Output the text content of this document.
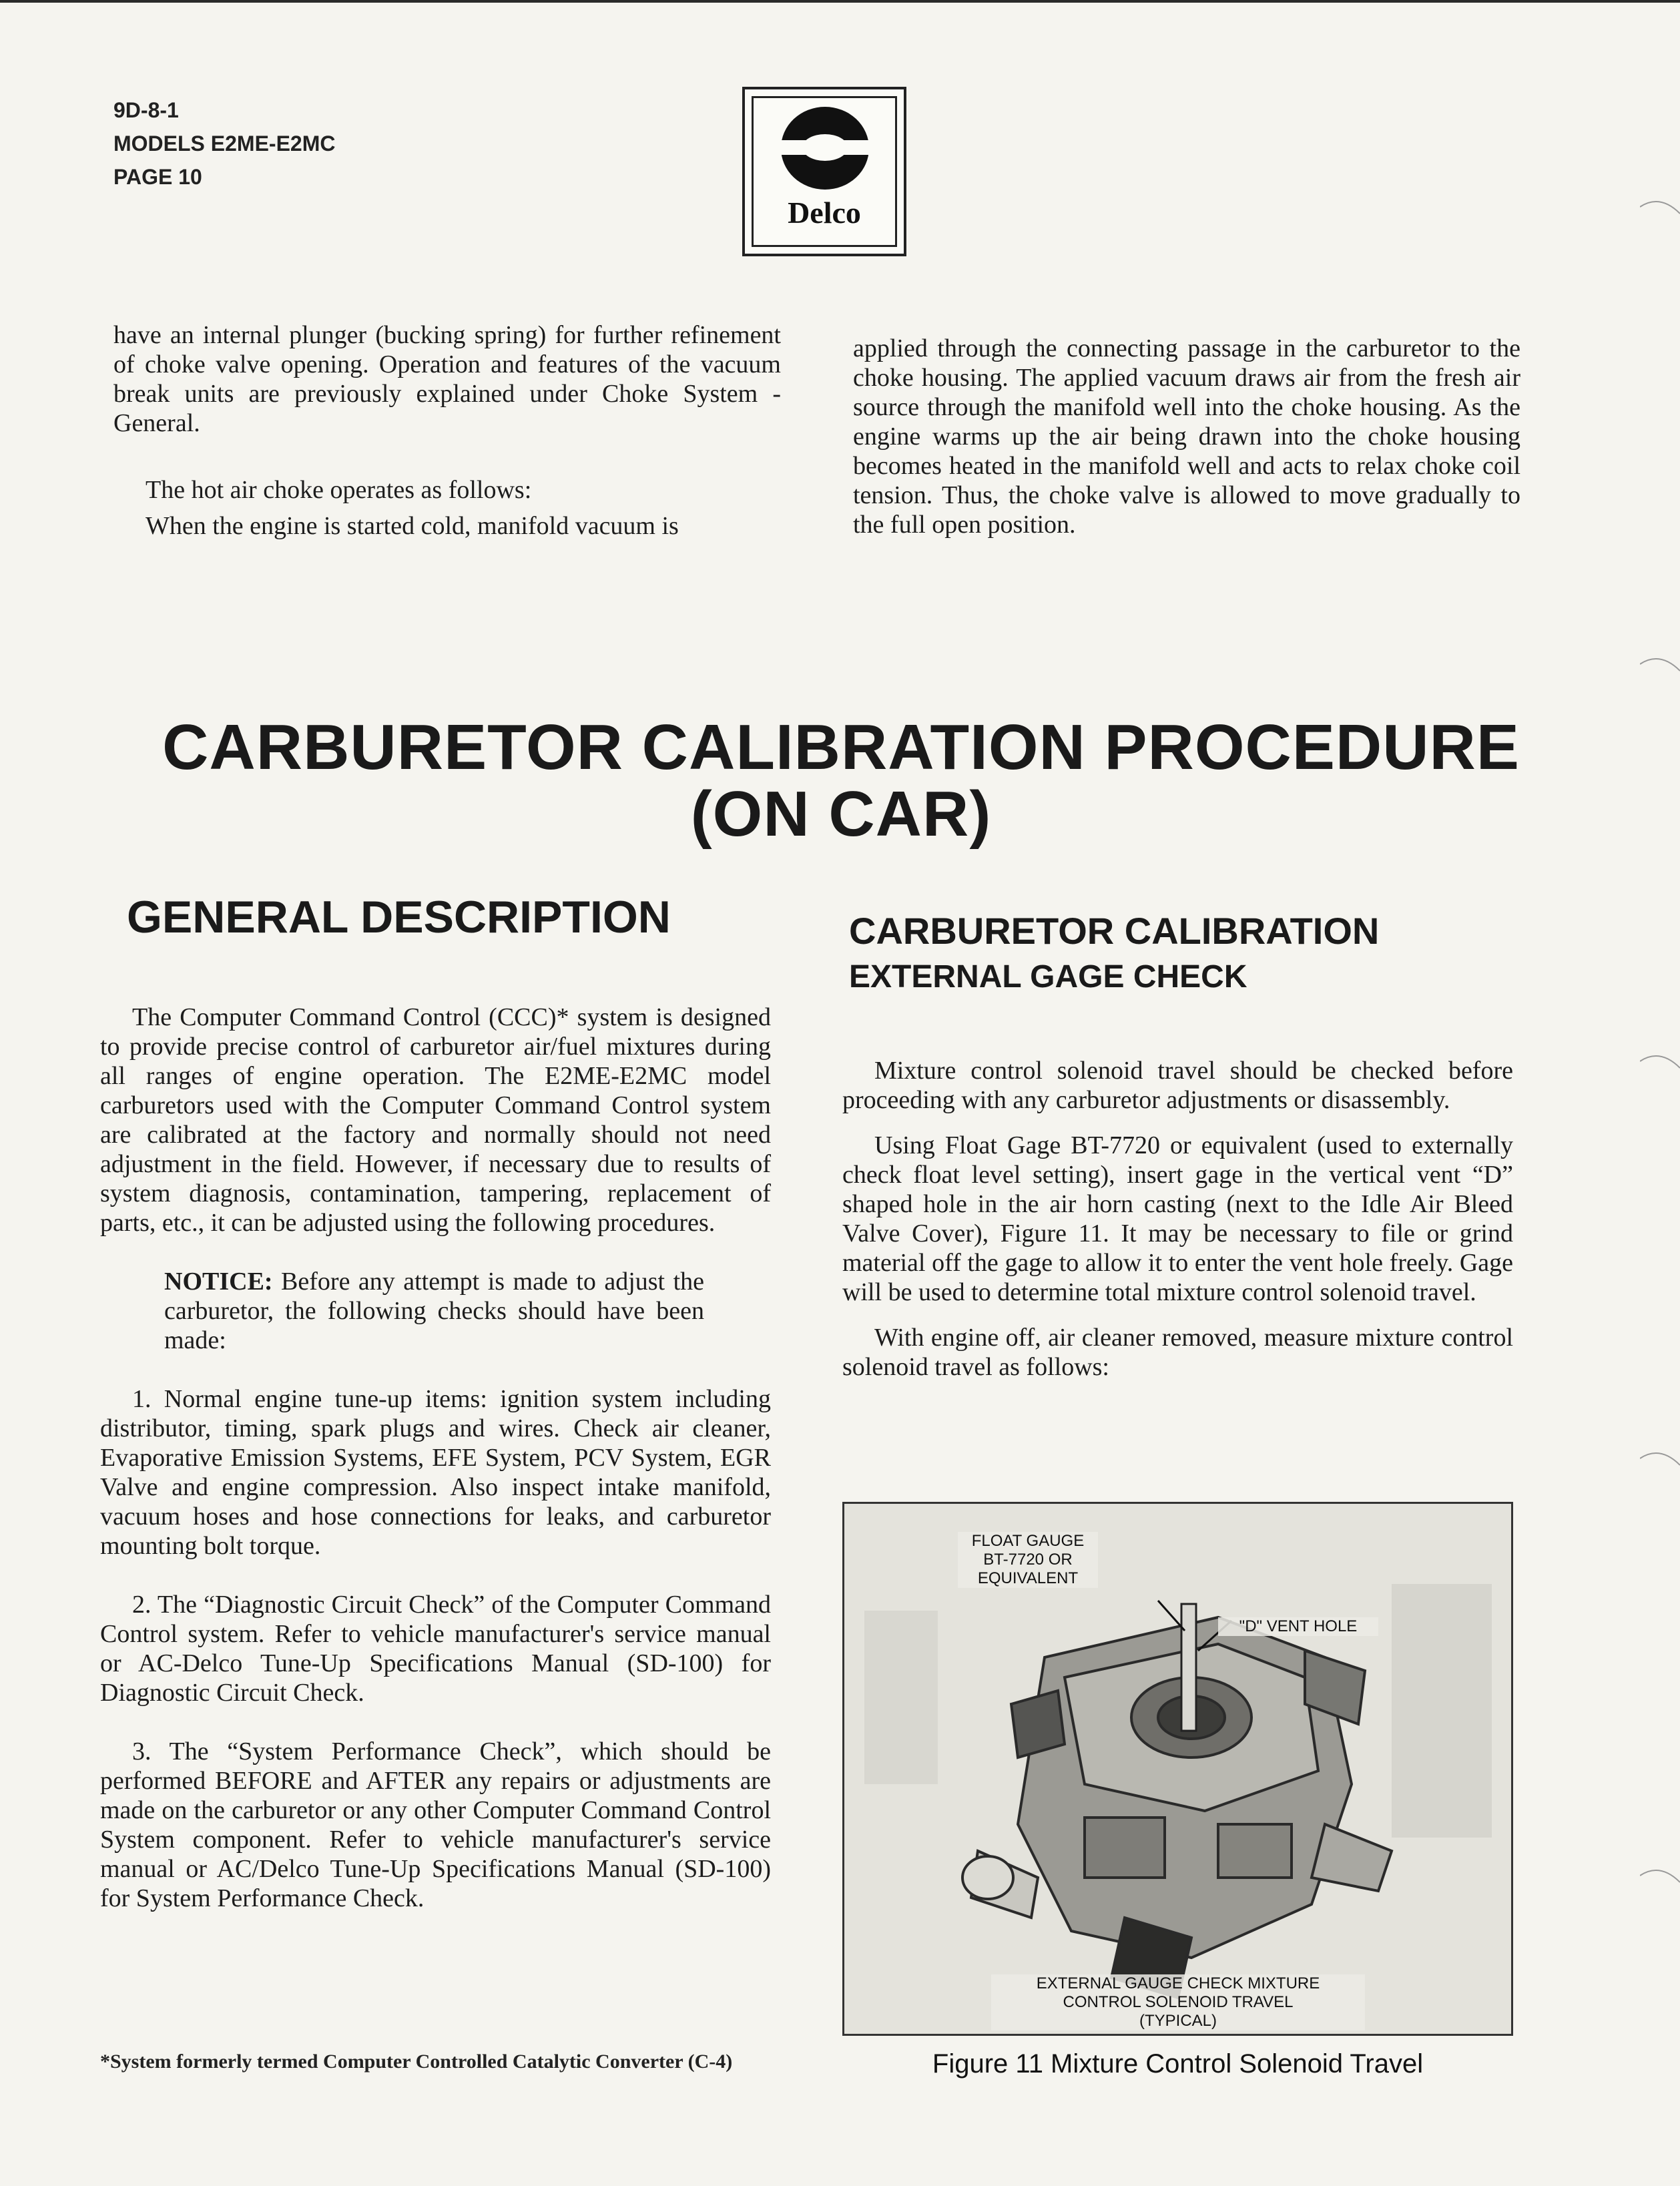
9D-8-1
MODELS E2ME-E2MC
PAGE 10
Delco

have an internal plunger (bucking spring) for further refinement of choke valve opening. Operation and features of the vacuum break units are previously explained under Choke System - General.

The hot air choke operates as follows:

When the engine is started cold, manifold vacuum is

applied through the connecting passage in the carburetor to the choke housing. The applied vacuum draws air from the fresh air source through the manifold well into the choke housing. As the engine warms up the air being drawn into the choke housing becomes heated in the manifold well and acts to relax choke coil tension. Thus, the choke valve is allowed to move gradually to the full open position.

CARBURETOR CALIBRATION PROCEDURE
(ON CAR)
GENERAL DESCRIPTION	CARBURETOR CALIBRATION
EXTERNAL GAGE CHECK

The Computer Command Control (CCC)* system is designed to provide precise control of carburetor air/fuel mixtures during all ranges of engine operation. The E2ME-E2MC model carburetors used with the Computer Command Control system are calibrated at the factory and normally should not need adjustment in the field. However, if necessary due to results of system diagnosis, contamination, tampering, replacement of parts, etc., it can be adjusted using the following procedures.

NOTICE: Before any attempt is made to adjust the carburetor, the following checks should have been made:

1. Normal engine tune-up items: ignition system including distributor, timing, spark plugs and wires. Check air cleaner, Evaporative Emission Systems, EFE System, PCV System, EGR Valve and engine compression. Also inspect intake manifold, vacuum hoses and hose connections for leaks, and carburetor mounting bolt torque.

2. The “Diagnostic Circuit Check” of the Computer Command Control system. Refer to vehicle manufacturer's service manual or AC-Delco Tune-Up Specifications Manual (SD-100) for Diagnostic Circuit Check.

3. The “System Performance Check”, which should be performed BEFORE and AFTER any repairs or adjustments are made on the carburetor or any other Computer Command Control System component. Refer to vehicle manufacturer's service manual or AC/Delco Tune-Up Specifications Manual (SD-100) for System Performance Check.

Mixture control solenoid travel should be checked before proceeding with any carburetor adjustments or disassembly.

Using Float Gage BT-7720 or equivalent (used to externally check float level setting), insert gage in the vertical vent “D” shaped hole in the air horn casting (next to the Idle Air Bleed Valve Cover), Figure 11. It may be necessary to file or grind material off the gage to allow it to enter the vent hole freely. Gage will be used to determine total mixture control solenoid travel.

With engine off, air cleaner removed, measure mixture control solenoid travel as follows:

*System formerly termed Computer Controlled Catalytic Converter (C-4)
FLOAT GAUGE
BT-7720 OR
EQUIVALENT
"D" VENT HOLE
EXTERNAL GAUGE CHECK MIXTURE
CONTROL SOLENOID TRAVEL
(TYPICAL)
Figure 11 Mixture Control Solenoid Travel
